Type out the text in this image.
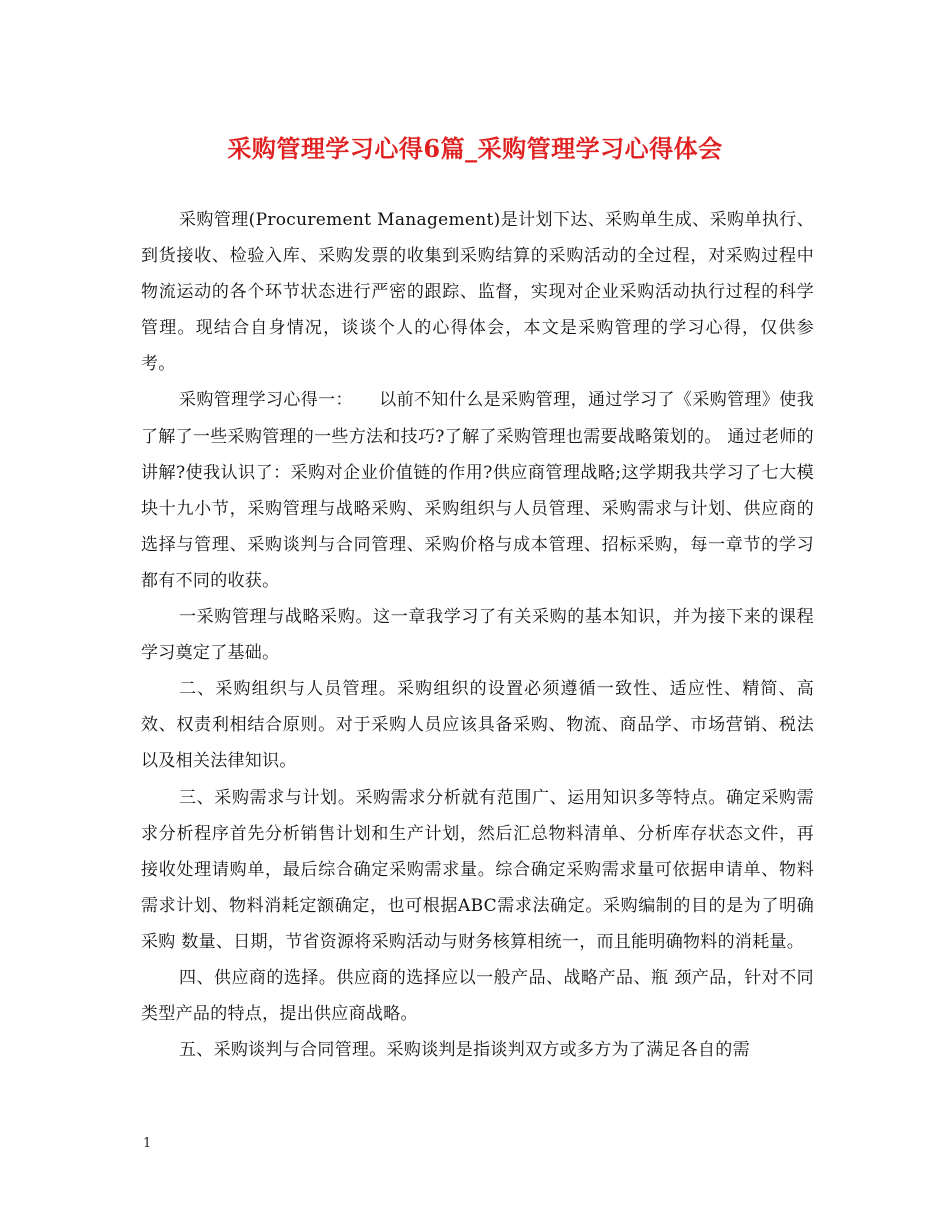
采购管理学习心得6篇_采购管理学习心得体会

采购管理(Procurement Management)是计划下达、采购单生成、采购单执行、到货接收、检验入库、采购发票的收集到采购结算的采购活动的全过程，对采购过程中物流运动的各个环节状态进行严密的跟踪、监督，实现对企业采购活动执行过程的科学管理。现结合自身情况，谈谈个人的心得体会，本文是采购管理的学习心得，仅供参考。

采购管理学习心得一：　　以前不知什么是采购管理，通过学习了《采购管理》使我了解了一些采购管理的一些方法和技巧?了解了采购管理也需要战略策划的。 通过老师的讲解?使我认识了：采购对企业价值链的作用?供应商管理战略;这学期我共学习了七大模块十九小节，采购管理与战略采购、采购组织与人员管理、采购需求与计划、供应商的选择与管理、采购谈判与合同管理、采购价格与成本管理、招标采购，每一章节的学习都有不同的收获。

一采购管理与战略采购。这一章我学习了有关采购的基本知识，并为接下来的课程学习奠定了基础。

二、采购组织与人员管理。采购组织的设置必须遵循一致性、适应性、精简、高效、权责利相结合原则。对于采购人员应该具备采购、物流、商品学、市场营销、税法以及相关法律知识。

三、采购需求与计划。采购需求分析就有范围广、运用知识多等特点。确定采购需求分析程序首先分析销售计划和生产计划，然后汇总物料清单、分析库存状态文件，再接收处理请购单，最后综合确定采购需求量。综合确定采购需求量可依据申请单、物料需求计划、物料消耗定额确定，也可根据ABC需求法确定。采购编制的目的是为了明确采购 数量、日期，节省资源将采购活动与财务核算相统一，而且能明确物料的消耗量。

四、供应商的选择。供应商的选择应以一般产品、战略产品、瓶 颈产品，针对不同类型产品的特点，提出供应商战略。

五、采购谈判与合同管理。采购谈判是指谈判双方或多方为了满足各自的需

1
